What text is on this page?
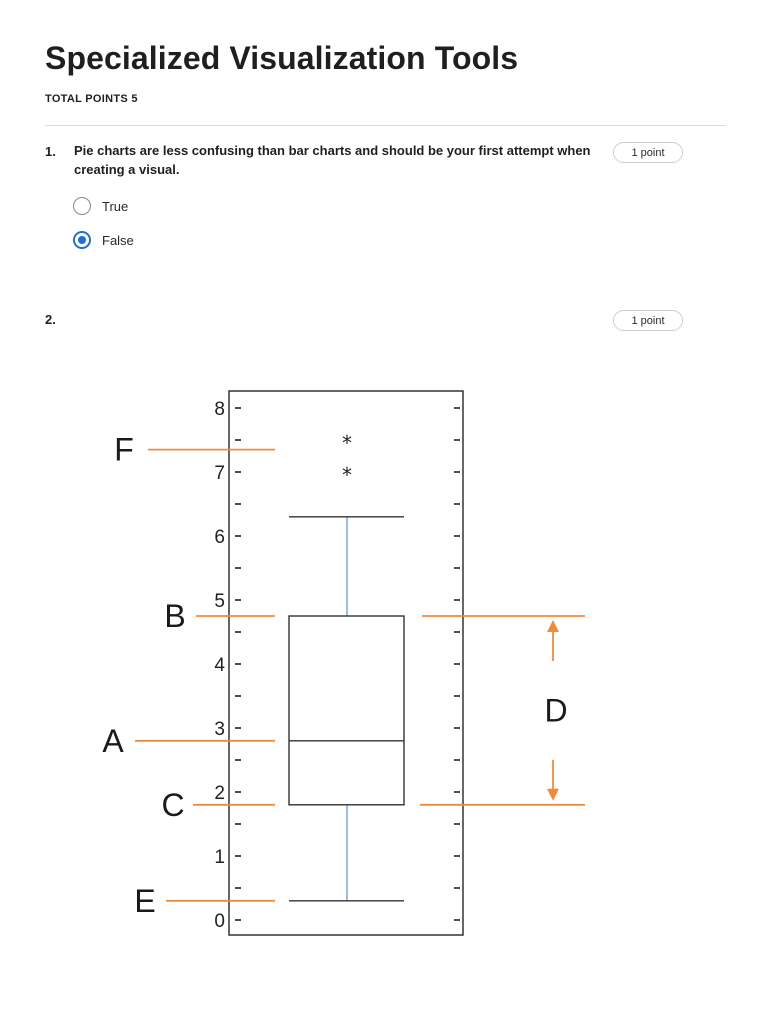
Specialized Visualization Tools
TOTAL POINTS 5
1. Pie charts are less confusing than bar charts and should be your first attempt when creating a visual.
1 point
True
False
2.	1 point
0
1
2
3
4
5
6
7
8
*
*
F
B
A
C
E
D
